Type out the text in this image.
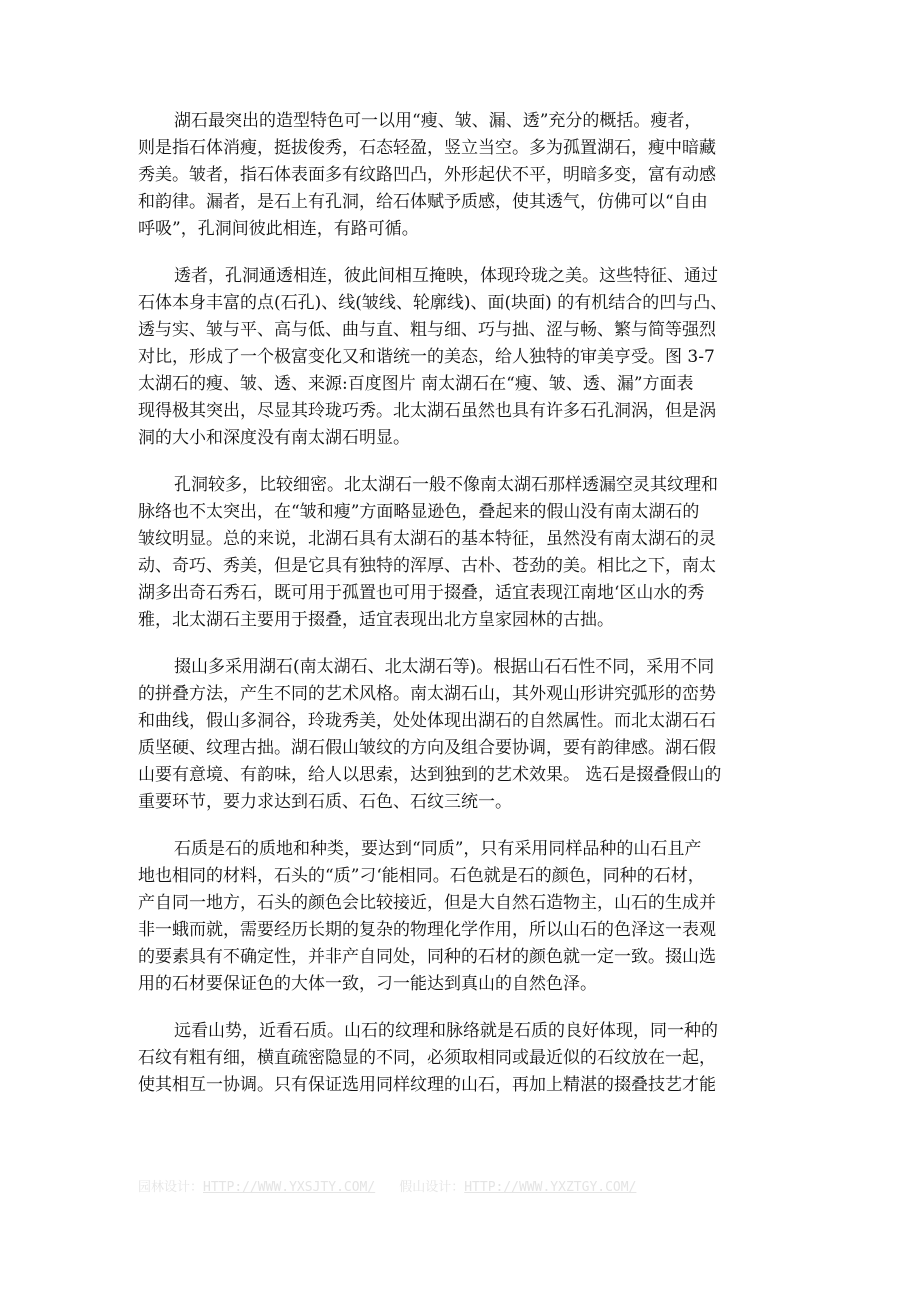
湖石最突出的造型特色可一以用“瘦、皱、漏、透”充分的概括。瘦者，
则是指石体消瘦，挺拔俊秀，石态轻盈，竖立当空。多为孤置湖石，瘦中暗藏
秀美。皱者，指石体表面多有纹路凹凸，外形起伏不平，明暗多变，富有动感
和韵律。漏者，是石上有孔洞，给石体赋予质感，使其透气，仿佛可以“自由
呼吸”，孔洞间彼此相连，有路可循。
透者，孔洞通透相连，彼此间相互掩映，体现玲珑之美。这些特征、通过
石体本身丰富的点(石孔)、线(皱线、轮廓线)、面(块面) 的有机结合的凹与凸、
透与实、皱与平、高与低、曲与直、粗与细、巧与拙、涩与畅、繁与简等强烈
对比，形成了一个极富变化又和谐统一的美态，给人独特的审美亨受。图 3-7
太湖石的瘦、皱、透、来源:百度图片 南太湖石在“瘦、皱、透、漏”方面表
现得极其突出，尽显其玲珑巧秀。北太湖石虽然也具有许多石孔洞涡，但是涡
洞的大小和深度没有南太湖石明显。
孔洞较多，比较细密。北太湖石一般不像南太湖石那样透漏空灵其纹理和
脉络也不太突出，在“皱和瘦”方面略显逊色，叠起来的假山没有南太湖石的
皱纹明显。总的来说，北湖石具有太湖石的基本特征，虽然没有南太湖石的灵
动、奇巧、秀美，但是它具有独特的浑厚、古朴、苍劲的美。相比之下，南太
湖多出奇石秀石，既可用于孤置也可用于掇叠，适宜表现江南地‘区山水的秀
雅，北太湖石主要用于掇叠，适宜表现出北方皇家园林的古拙。
掇山多采用湖石(南太湖石、北太湖石等)。根据山石石性不同，采用不同
的拼叠方法，产生不同的艺术风格。南太湖石山，其外观山形讲究弧形的峦势
和曲线，假山多洞谷，玲珑秀美，处处体现出湖石的自然属性。而北太湖石石
质坚硬、纹理古拙。湖石假山皱纹的方向及组合要协调，要有韵律感。湖石假
山要有意境、有韵味，给人以思索，达到独到的艺术效果。 选石是掇叠假山的
重要环节，要力求达到石质、石色、石纹三统一。
石质是石的质地和种类，要达到“同质”，只有采用同样品种的山石且产
地也相同的材料，石头的“质”刁‘能相同。石色就是石的颜色，同种的石材，
产自同一地方，石头的颜色会比较接近，但是大自然石造物主，山石的生成并
非一蛾而就，需要经历长期的复杂的物理化学作用，所以山石的色泽这一表观
的要素具有不确定性，并非产自同处，同种的石材的颜色就一定一致。掇山选
用的石材要保证色的大体一致，刁一能达到真山的自然色泽。
远看山势，近看石质。山石的纹理和脉络就是石质的良好体现，同一种的
石纹有粗有细，横直疏密隐显的不同，必须取相同或最近似的石纹放在一起，
使其相互一协调。只有保证选用同样纹理的山石，再加上精湛的掇叠技艺才能
园林设计：HTTP://WWW.YXSJTY.COM/ 假山设计：HTTP://WWW.YXZTGY.COM/
